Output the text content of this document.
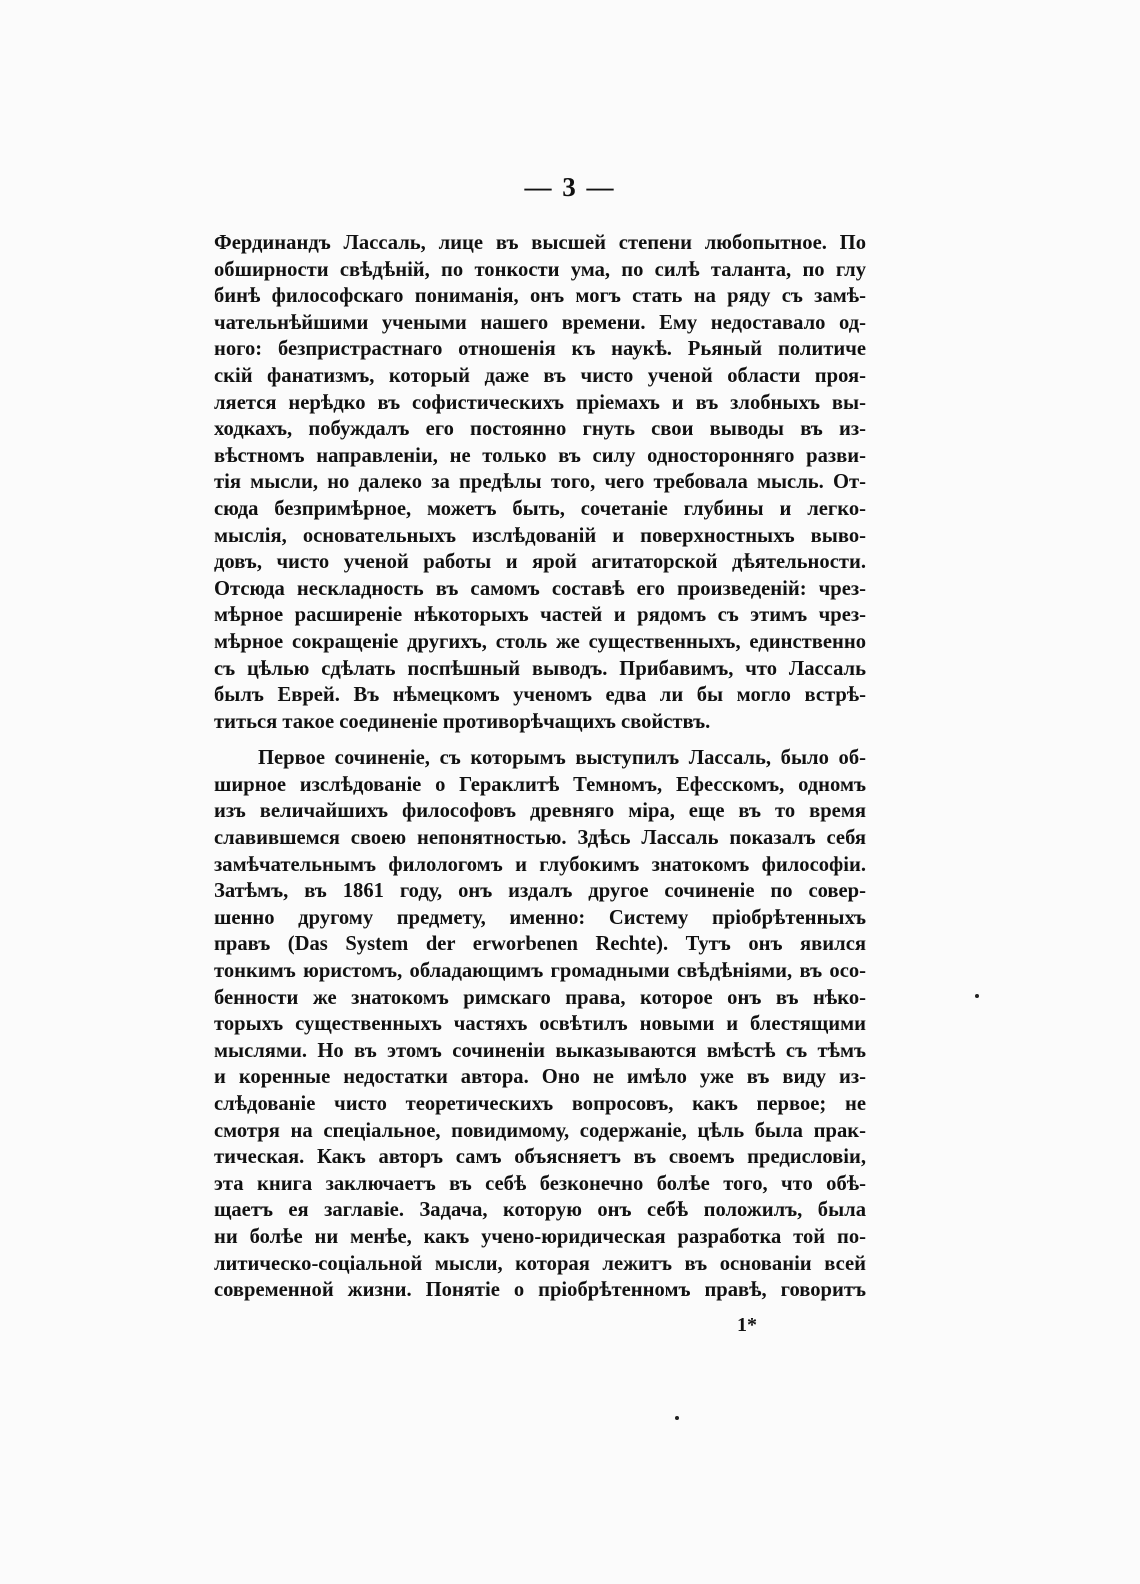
— 3 —
Фердинандъ Лассаль, лице въ высшей степени любопытное. По
обширности свѣдѣній, по тонкости ума, по силѣ таланта, по глу
бинѣ философскаго пониманія, онъ могъ стать на ряду съ замѣ-
чательнѣйшими учеными нашего времени. Ему недоставало од-
ного: безпристрастнаго отношенія къ наукѣ. Рьяный политиче
скій фанатизмъ, который даже въ чисто ученой области проя-
ляется нерѣдко въ софистическихъ пріемахъ и въ злобныхъ вы-
ходкахъ, побуждалъ его постоянно гнуть свои выводы въ из-
вѣстномъ направленіи, не только въ силу односторонняго разви-
тія мысли, но далеко за предѣлы того, чего требовала мысль. От-
сюда безпримѣрное, можетъ быть, сочетаніе глубины и легко-
мыслія, основательныхъ изслѣдованій и поверхностныхъ выво-
довъ, чисто ученой работы и ярой агитаторской дѣятельности.
Отсюда нескладность въ самомъ составѣ его произведеній: чрез-
мѣрное расширеніе нѣкоторыхъ частей и рядомъ съ этимъ чрез-
мѣрное сокращеніе другихъ, столь же существенныхъ, единственно
съ цѣлью сдѣлать поспѣшный выводъ. Прибавимъ, что Лассаль
былъ Еврей. Въ нѣмецкомъ ученомъ едва ли бы могло встрѣ-
титься такое соединеніе противорѣчащихъ свойствъ.
Первое сочиненіе, съ которымъ выступилъ Лассаль, было об-
ширное изслѣдованіе о Гераклитѣ Темномъ, Ефесскомъ, одномъ
изъ величайшихъ философовъ древняго міра, еще въ то время
славившемся своею непонятностью. Здѣсь Лассаль показалъ себя
замѣчательнымъ филологомъ и глубокимъ знатокомъ философіи.
Затѣмъ, въ 1861 году, онъ издалъ другое сочиненіе по совер-
шенно другому предмету, именно: Систему пріобрѣтенныхъ
правъ (Das System der erworbenen Rechte). Тутъ онъ явился
тонкимъ юристомъ, обладающимъ громадными свѣдѣніями, въ осо-
бенности же знатокомъ римскаго права, которое онъ въ нѣко-
торыхъ существенныхъ частяхъ освѣтилъ новыми и блестящими
мыслями. Но въ этомъ сочиненіи выказываются вмѣстѣ съ тѣмъ
и коренные недостатки автора. Оно не имѣло уже въ виду из-
слѣдованіе чисто теоретическихъ вопросовъ, какъ первое; не
смотря на спеціальное, повидимому, содержаніе, цѣль была прак-
тическая. Какъ авторъ самъ объясняетъ въ своемъ предисловіи,
эта книга заключаетъ въ себѣ безконечно болѣе того, что обѣ-
щаетъ ея заглавіе. Задача, которую онъ себѣ положилъ, была
ни болѣе ни менѣе, какъ учено-юридическая разработка той по-
литическо-соціальной мысли, которая лежитъ въ основаніи всей
современной жизни. Понятіе о пріобрѣтенномъ правѣ, говоритъ
1*
